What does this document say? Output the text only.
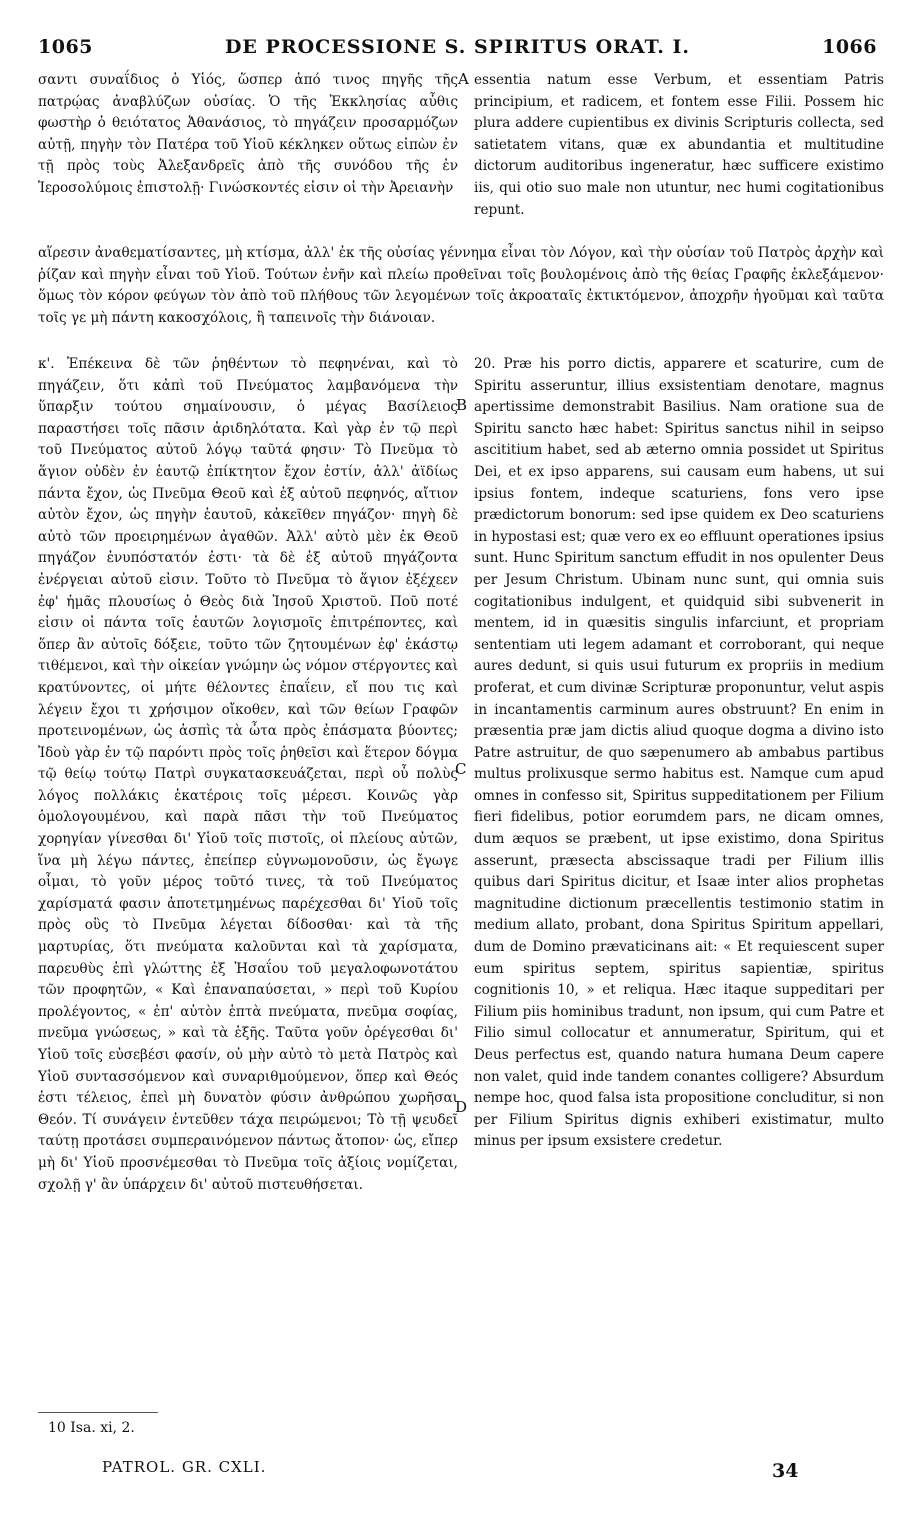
1065	DE PROCESSIONE S. SPIRITUS ORAT. I.	1066

σαντι συναΐδιος ὁ Υἱός, ὥσπερ ἀπό τινος πηγῆς τῆς πατρῴας ἀναβλύζων οὐσίας. Ὁ τῆς Ἐκκλησίας αὖθις φωστὴρ ὁ θειότατος Ἀθανάσιος, τὸ πηγάζειν προσαρμόζων αὐτῇ, πηγὴν τὸν Πατέρα τοῦ Υἱοῦ κέκληκεν οὕτως εἰπὼν ἐν τῇ πρὸς τοὺς Ἀλεξανδρεῖς ἀπὸ τῆς συνόδου τῆς ἐν Ἱεροσολύμοις ἐπιστολῇ· Γινώσκοντές εἰσιν οἱ τὴν Ἀρειανὴν

essentia natum esse Verbum, et essentiam Patris principium, et radicem, et fontem esse Filii. Possem hic plura addere cupientibus ex divinis Scripturis collecta, sed satietatem vitans, quæ ex abundantia et multitudine dictorum auditoribus ingeneratur, hæc sufficere existimo iis, qui otio suo male non utuntur, nec humi cogitationibus repunt.

αἵρεσιν ἀναθεματίσαντες, μὴ κτίσμα, ἀλλ' ἐκ τῆς οὐσίας γέννημα εἶναι τὸν Λόγον, καὶ τὴν οὐσίαν τοῦ Πατρὸς ἀρχὴν καὶ ῥίζαν καὶ πηγὴν εἶναι τοῦ Υἱοῦ. Τούτων ἐνῆν καὶ πλείω προθεῖναι τοῖς βουλομένοις ἀπὸ τῆς θείας Γραφῆς ἐκλεξάμενον· ὅμως τὸν κόρον φεύγων τὸν ἀπὸ τοῦ πλήθους τῶν λεγομένων τοῖς ἀκροαταῖς ἐκτικτόμενον, ἀποχρῆν ἡγοῦμαι καὶ ταῦτα τοῖς γε μὴ πάντη κακοσχόλοις, ἢ ταπεινοῖς τὴν διάνοιαν.

κ'. Ἐπέκεινα δὲ τῶν ῥηθέντων τὸ πεφηνέναι, καὶ τὸ πηγάζειν, ὅτι κἀπὶ τοῦ Πνεύματος λαμβανόμενα τὴν ὕπαρξιν τούτου σημαίνουσιν, ὁ μέγας Βασίλειος παραστήσει τοῖς πᾶσιν ἀριδηλότατα. Καὶ γὰρ ἐν τῷ περὶ τοῦ Πνεύματος αὐτοῦ λόγῳ ταῦτά φησιν· Τὸ Πνεῦμα τὸ ἅγιον οὐδὲν ἐν ἑαυτῷ ἐπίκτητον ἔχον ἐστίν, ἀλλ' ἀϊδίως πάντα ἔχον, ὡς Πνεῦμα Θεοῦ καὶ ἐξ αὐτοῦ πεφηνός, αἴτιον αὐτὸν ἔχον, ὡς πηγὴν ἑαυτοῦ, κἀκεῖθεν πηγάζον· πηγὴ δὲ αὐτὸ τῶν προειρημένων ἀγαθῶν. Ἀλλ' αὐτὸ μὲν ἐκ Θεοῦ πηγάζον ἐνυπόστατόν ἐστι· τὰ δὲ ἐξ αὐτοῦ πηγάζοντα ἐνέργειαι αὐτοῦ εἰσιν. Τοῦτο τὸ Πνεῦμα τὸ ἅγιον ἐξέχεεν ἐφ' ἡμᾶς πλουσίως ὁ Θεὸς διὰ Ἰησοῦ Χριστοῦ. Ποῦ ποτέ εἰσιν οἱ πάντα τοῖς ἑαυτῶν λογισμοῖς ἐπιτρέποντες, καὶ ὅπερ ἂν αὐτοῖς δόξειε, τοῦτο τῶν ζητουμένων ἐφ' ἑκάστῳ τιθέμενοι, καὶ τὴν οἰκείαν γνώμην ὡς νόμον στέργοντες καὶ κρατύνοντες, οἱ μήτε θέλοντες ἐπαΐειν, εἴ που τις καὶ λέγειν ἔχοι τι χρήσιμον οἴκοθεν, καὶ τῶν θείων Γραφῶν προτεινομένων, ὡς ἀσπὶς τὰ ὦτα πρὸς ἐπάσματα βύοντες; Ἰδοὺ γὰρ ἐν τῷ παρόντι πρὸς τοῖς ῥηθεῖσι καὶ ἕτερον δόγμα τῷ θείῳ τούτῳ Πατρὶ συγκατασκευάζεται, περὶ οὗ πολὺς λόγος πολλάκις ἑκατέροις τοῖς μέρεσι. Κοινῶς γὰρ ὁμολογουμένου, καὶ παρὰ πᾶσι τὴν τοῦ Πνεύματος χορηγίαν γίνεσθαι δι' Υἱοῦ τοῖς πιστοῖς, οἱ πλείους αὐτῶν, ἵνα μὴ λέγω πάντες, ἐπείπερ εὐγνωμονοῦσιν, ὡς ἔγωγε οἶμαι, τὸ γοῦν μέρος τοῦτό τινες, τὰ τοῦ Πνεύματος χαρίσματά φασιν ἀποτετμημένως παρέχεσθαι δι' Υἱοῦ τοῖς πρὸς οὓς τὸ Πνεῦμα λέγεται δίδοσθαι· καὶ τὰ τῆς μαρτυρίας, ὅτι πνεύματα καλοῦνται καὶ τὰ χαρίσματα, παρευθὺς ἐπὶ γλώττης ἐξ Ἡσαΐου τοῦ μεγαλοφωνοτάτου τῶν προφητῶν, « Καὶ ἐπαναπαύσεται, » περὶ τοῦ Κυρίου προλέγοντος, « ἐπ' αὐτὸν ἑπτὰ πνεύματα, πνεῦμα σοφίας, πνεῦμα γνώσεως, » καὶ τὰ ἑξῆς. Ταῦτα γοῦν ὀρέγεσθαι δι' Υἱοῦ τοῖς εὐσεβέσι φασίν, οὐ μὴν αὐτὸ τὸ μετὰ Πατρὸς καὶ Υἱοῦ συντασσόμενον καὶ συναριθμούμενον, ὅπερ καὶ Θεός ἐστι τέλειος, ἐπεὶ μὴ δυνατὸν φύσιν ἀνθρώπου χωρῆσαι Θεόν. Τί συνάγειν ἐντεῦθεν τάχα πειρώμενοι; Τὸ τῇ ψευδεῖ ταύτῃ προτάσει συμπεραινόμενον πάντως ἄτοπον· ὡς, εἴπερ μὴ δι' Υἱοῦ προσνέμεσθαι τὸ Πνεῦμα τοῖς ἀξίοις νομίζεται, σχολῇ γ' ἂν ὑπάρχειν δι' αὐτοῦ πιστευθήσεται.

20. Præ his porro dictis, apparere et scaturire, cum de Spiritu asseruntur, illius exsistentiam denotare, magnus apertissime demonstrabit Basilius. Nam oratione sua de Spiritu sancto hæc habet: Spiritus sanctus nihil in seipso ascititium habet, sed ab æterno omnia possidet ut Spiritus Dei, et ex ipso apparens, sui causam eum habens, ut sui ipsius fontem, indeque scaturiens, fons vero ipse prædictorum bonorum: sed ipse quidem ex Deo scaturiens in hypostasi est; quæ vero ex eo effluunt operationes ipsius sunt. Hunc Spiritum sanctum effudit in nos opulenter Deus per Jesum Christum. Ubinam nunc sunt, qui omnia suis cogitationibus indulgent, et quidquid sibi subvenerit in mentem, id in quæsitis singulis infarciunt, et propriam sententiam uti legem adamant et corroborant, qui neque aures dedunt, si quis usui futurum ex propriis in medium proferat, et cum divinæ Scripturæ proponuntur, velut aspis in incantamentis carminum aures obstruunt? En enim in præsentia præ jam dictis aliud quoque dogma a divino isto Patre astruitur, de quo sæpenumero ab ambabus partibus multus prolixusque sermo habitus est. Namque cum apud omnes in confesso sit, Spiritus suppeditationem per Filium fieri fidelibus, potior eorumdem pars, ne dicam omnes, dum æquos se præbent, ut ipse existimo, dona Spiritus asserunt, præsecta abscissaque tradi per Filium illis quibus dari Spiritus dicitur, et Isaæ inter alios prophetas magnitudine dictionum præcellentis testimonio statim in medium allato, probant, dona Spiritus Spiritum appellari, dum de Domino prævaticinans ait: « Et requiescent super eum spiritus septem, spiritus sapientiæ, spiritus cognitionis 10, » et reliqua. Hæc itaque suppeditari per Filium piis hominibus tradunt, non ipsum, qui cum Patre et Filio simul collocatur et annumeratur, Spiritum, qui et Deus perfectus est, quando natura humana Deum capere non valet, quid inde tandem conantes colligere? Absurdum nempe hoc, quod falsa ista propositione concluditur, si non per Filium Spiritus dignis exhiberi existimatur, multo minus per ipsum exsistere credetur.

A
B
C
D
10 Isa. xi, 2.
PATROL. GR. CXLI.	34
